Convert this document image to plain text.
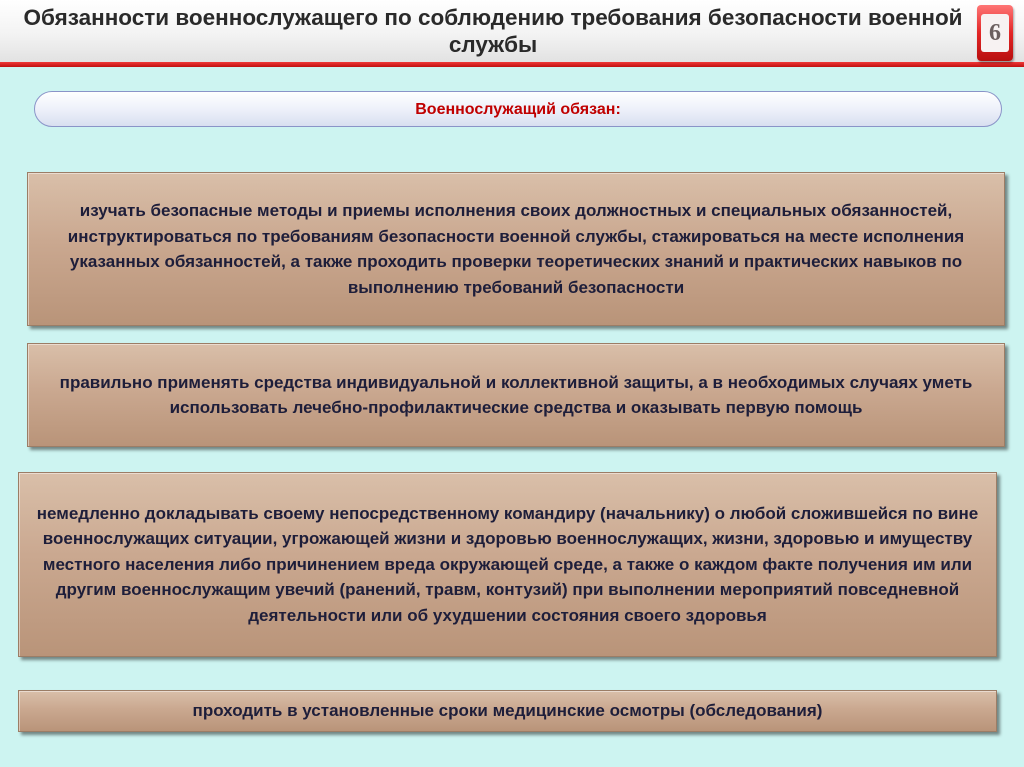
Обязанности военнослужащего по соблюдению требования безопасности военной службы	6
Военнослужащий обязан:
изучать безопасные методы и приемы исполнения своих должностных и специальных обязанностей, инструктироваться по требованиям безопасности военной службы, стажироваться на месте исполнения указанных обязанностей, а также проходить проверки теоретических знаний и практических навыков по выполнению требований безопасности
правильно применять средства индивидуальной и коллективной защиты, а в необходимых случаях уметь использовать лечебно-профилактические средства и оказывать первую помощь
немедленно докладывать своему непосредственному командиру (начальнику) о любой сложившейся по вине военнослужащих ситуации, угрожающей жизни и здоровью военнослужащих, жизни, здоровью и имуществу местного населения либо причинением вреда окружающей среде, а также о каждом факте получения им или другим военнослужащим увечий (ранений, травм, контузий) при выполнении мероприятий повседневной деятельности или об ухудшении состояния своего здоровья
проходить в установленные сроки медицинские осмотры (обследования)
